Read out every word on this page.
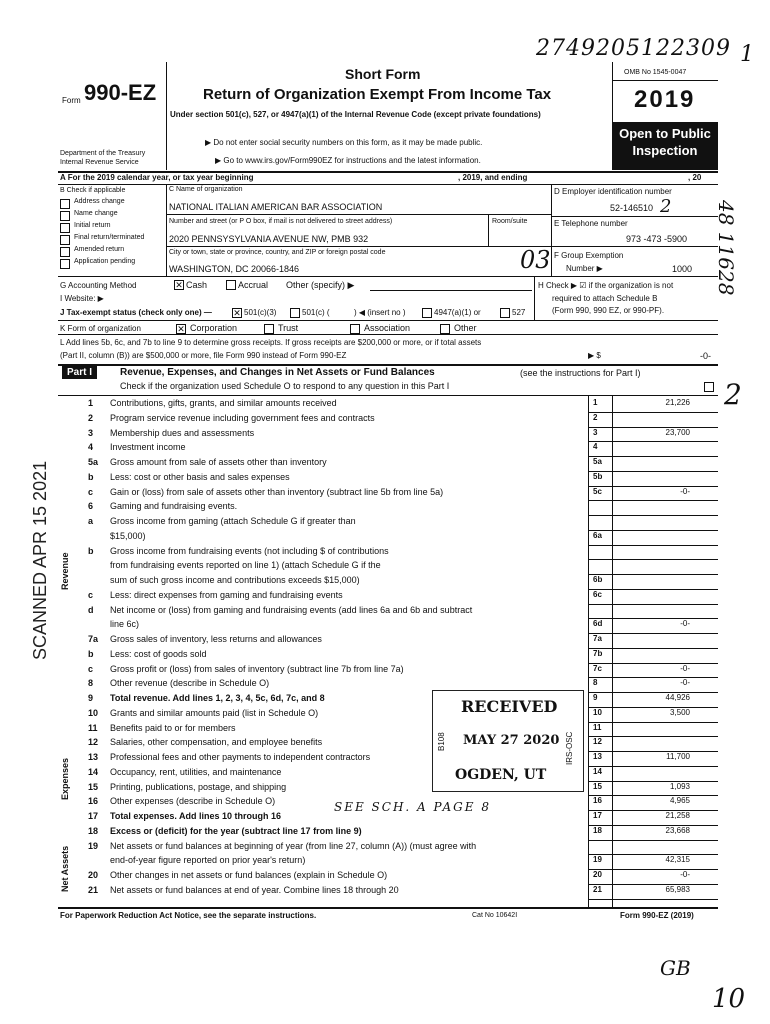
2749205122309 1
48 11628
Form 990-EZ
Short Form
Return of Organization Exempt From Income Tax
Under section 501(c), 527, or 4947(a)(1) of the Internal Revenue Code (except private foundations)
▶ Do not enter social security numbers on this form, as it may be made public.
▶ Go to www.irs.gov/Form990EZ for instructions and the latest information.
Department of the Treasury
Internal Revenue Service
OMB No 1545-0047
2019
Open to Public
Inspection
A For the 2019 calendar year, or tax year beginning	, 2019, and ending	, 20
B Check if applicable
Address change
Name change
Initial return
Final return/terminated
Amended return
Application pending
C Name of organization
NATIONAL ITALIAN AMERICAN BAR ASSOCIATION
Number and street (or P O box, if mail is not delivered to street address)	Room/suite
2020 PENNSYSYLVANIA AVENUE NW, PMB 932
City or town, state or province, country, and ZIP or foreign postal code
WASHINGTON, DC 20066-1846	03
D Employer identification number
52-146510 2
E Telephone number
973 -473 -5900
F Group Exemption
Number ▶	1000
G Accounting Method	✕ Cash	Accrual Other (specify) ▶	H Check ▶ ☑ if the organization is not
required to attach Schedule B
(Form 990, 990 EZ, or 990-PF).
I Website: ▶
J Tax-exempt status (check only one) — ✕ 501(c)(3)	501(c) (	) ◀ (insert no )	4947(a)(1) or	527
K Form of organization	✕ Corporation	Trust	Association	Other
L Add lines 5b, 6c, and 7b to line 9 to determine gross receipts. If gross receipts are $200,000 or more, or if total assets
(Part II, column (B)) are $500,000 or more, file Form 990 instead of Form 990-EZ	▶ $	-0-
Part I	Revenue, Expenses, and Changes in Net Assets or Fund Balances	(see the instructions for Part I)
Check if the organization used Schedule O to respond to any question in this Part I	2
1 Contributions, gifts, grants, and similar amounts received	1	21,226
2 Program service revenue including government fees and contracts	2
3 Membership dues and assessments	3	23,700
4 Investment income	4
5a Gross amount from sale of assets other than inventory	5a
b Less: cost or other basis and sales expenses	5b
c Gain or (loss) from sale of assets other than inventory (subtract line 5b from line 5a)	5c	-0-
6 Gaming and fundraising events.
a Gross income from gaming (attach Schedule G if greater than
$15,000)	6a
b Gross income from fundraising events (not including $ of contributions
from fundraising events reported on line 1) (attach Schedule G if the
sum of such gross income and contributions exceeds $15,000)	6b
c Less: direct expenses from gaming and fundraising events	6c
d Net income or (loss) from gaming and fundraising events (add lines 6a and 6b and subtract
line 6c)	6d	-0-
7a Gross sales of inventory, less returns and allowances	7a
b Less: cost of goods sold	7b
c Gross profit or (loss) from sales of inventory (subtract line 7b from line 7a)	7c	-0-
8 Other revenue (describe in Schedule O)	8	-0-
9 Total revenue. Add lines 1, 2, 3, 4, 5c, 6d, 7c, and 8	9	44,926
10 Grants and similar amounts paid (list in Schedule O)	10	3,500
11 Benefits paid to or for members	11
12 Salaries, other compensation, and employee benefits	12
13 Professional fees and other payments to independent contractors	13	11,700
14 Occupancy, rent, utilities, and maintenance	14
15 Printing, publications, postage, and shipping	15	1,093
16 Other expenses (describe in Schedule O)	16	4,965
17 Total expenses. Add lines 10 through 16	17	21,258
18 Excess or (deficit) for the year (subtract line 17 from line 9)	18	23,668
19 Net assets or fund balances at beginning of year (from line 27, column (A)) (must agree with
end-of-year figure reported on prior year's return)	19	42,315
20 Other changes in net assets or fund balances (explain in Schedule O)	20	-0-
21 Net assets or fund balances at end of year. Combine lines 18 through 20	21	65,983
Revenue
Expenses
Net Assets
SCANNED APR 15 2021
RECEIVED
MAY 27 2020
OGDEN, UT
B108	IRS-OSC
SEE SCH. A PAGE 8
For Paperwork Reduction Act Notice, see the separate instructions.	Cat No 10642I	Form 990-EZ (2019)
GB
10
